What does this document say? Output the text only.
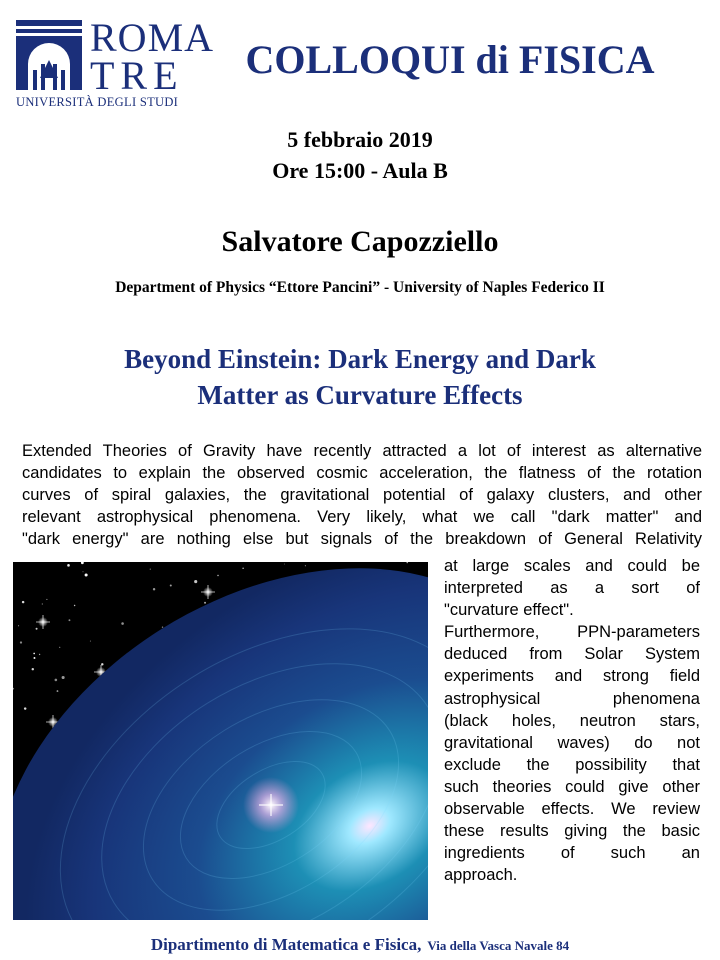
ROMA
TRE
UNIVERSITÀ DEGLI STUDI
COLLOQUI di FISICA
5 febbraio 2019
Ore 15:00 - Aula B
Salvatore Capozziello
Department of Physics “Ettore Pancini” - University of Naples Federico II
Beyond Einstein: Dark Energy and Dark
Matter as Curvature Effects
Extended Theories of Gravity have recently attracted a lot of interest as alternative
candidates to explain the observed cosmic acceleration, the flatness of the rotation
curves of spiral galaxies, the gravitational potential of galaxy clusters, and other
relevant astrophysical phenomena. Very likely, what we call "dark matter" and
"dark energy" are nothing else but signals of the breakdown of General Relativity
at large scales and could be
interpreted as a sort of
"curvature effect".
Furthermore, PPN-parameters
deduced from Solar System
experiments and strong field
astrophysical phenomena
(black holes, neutron stars,
gravitational waves) do not
exclude the possibility that
such theories could give other
observable effects. We review
these results giving the basic
ingredients of such an
approach.
Dipartimento di Matematica e Fisica, Via della Vasca Navale 84
